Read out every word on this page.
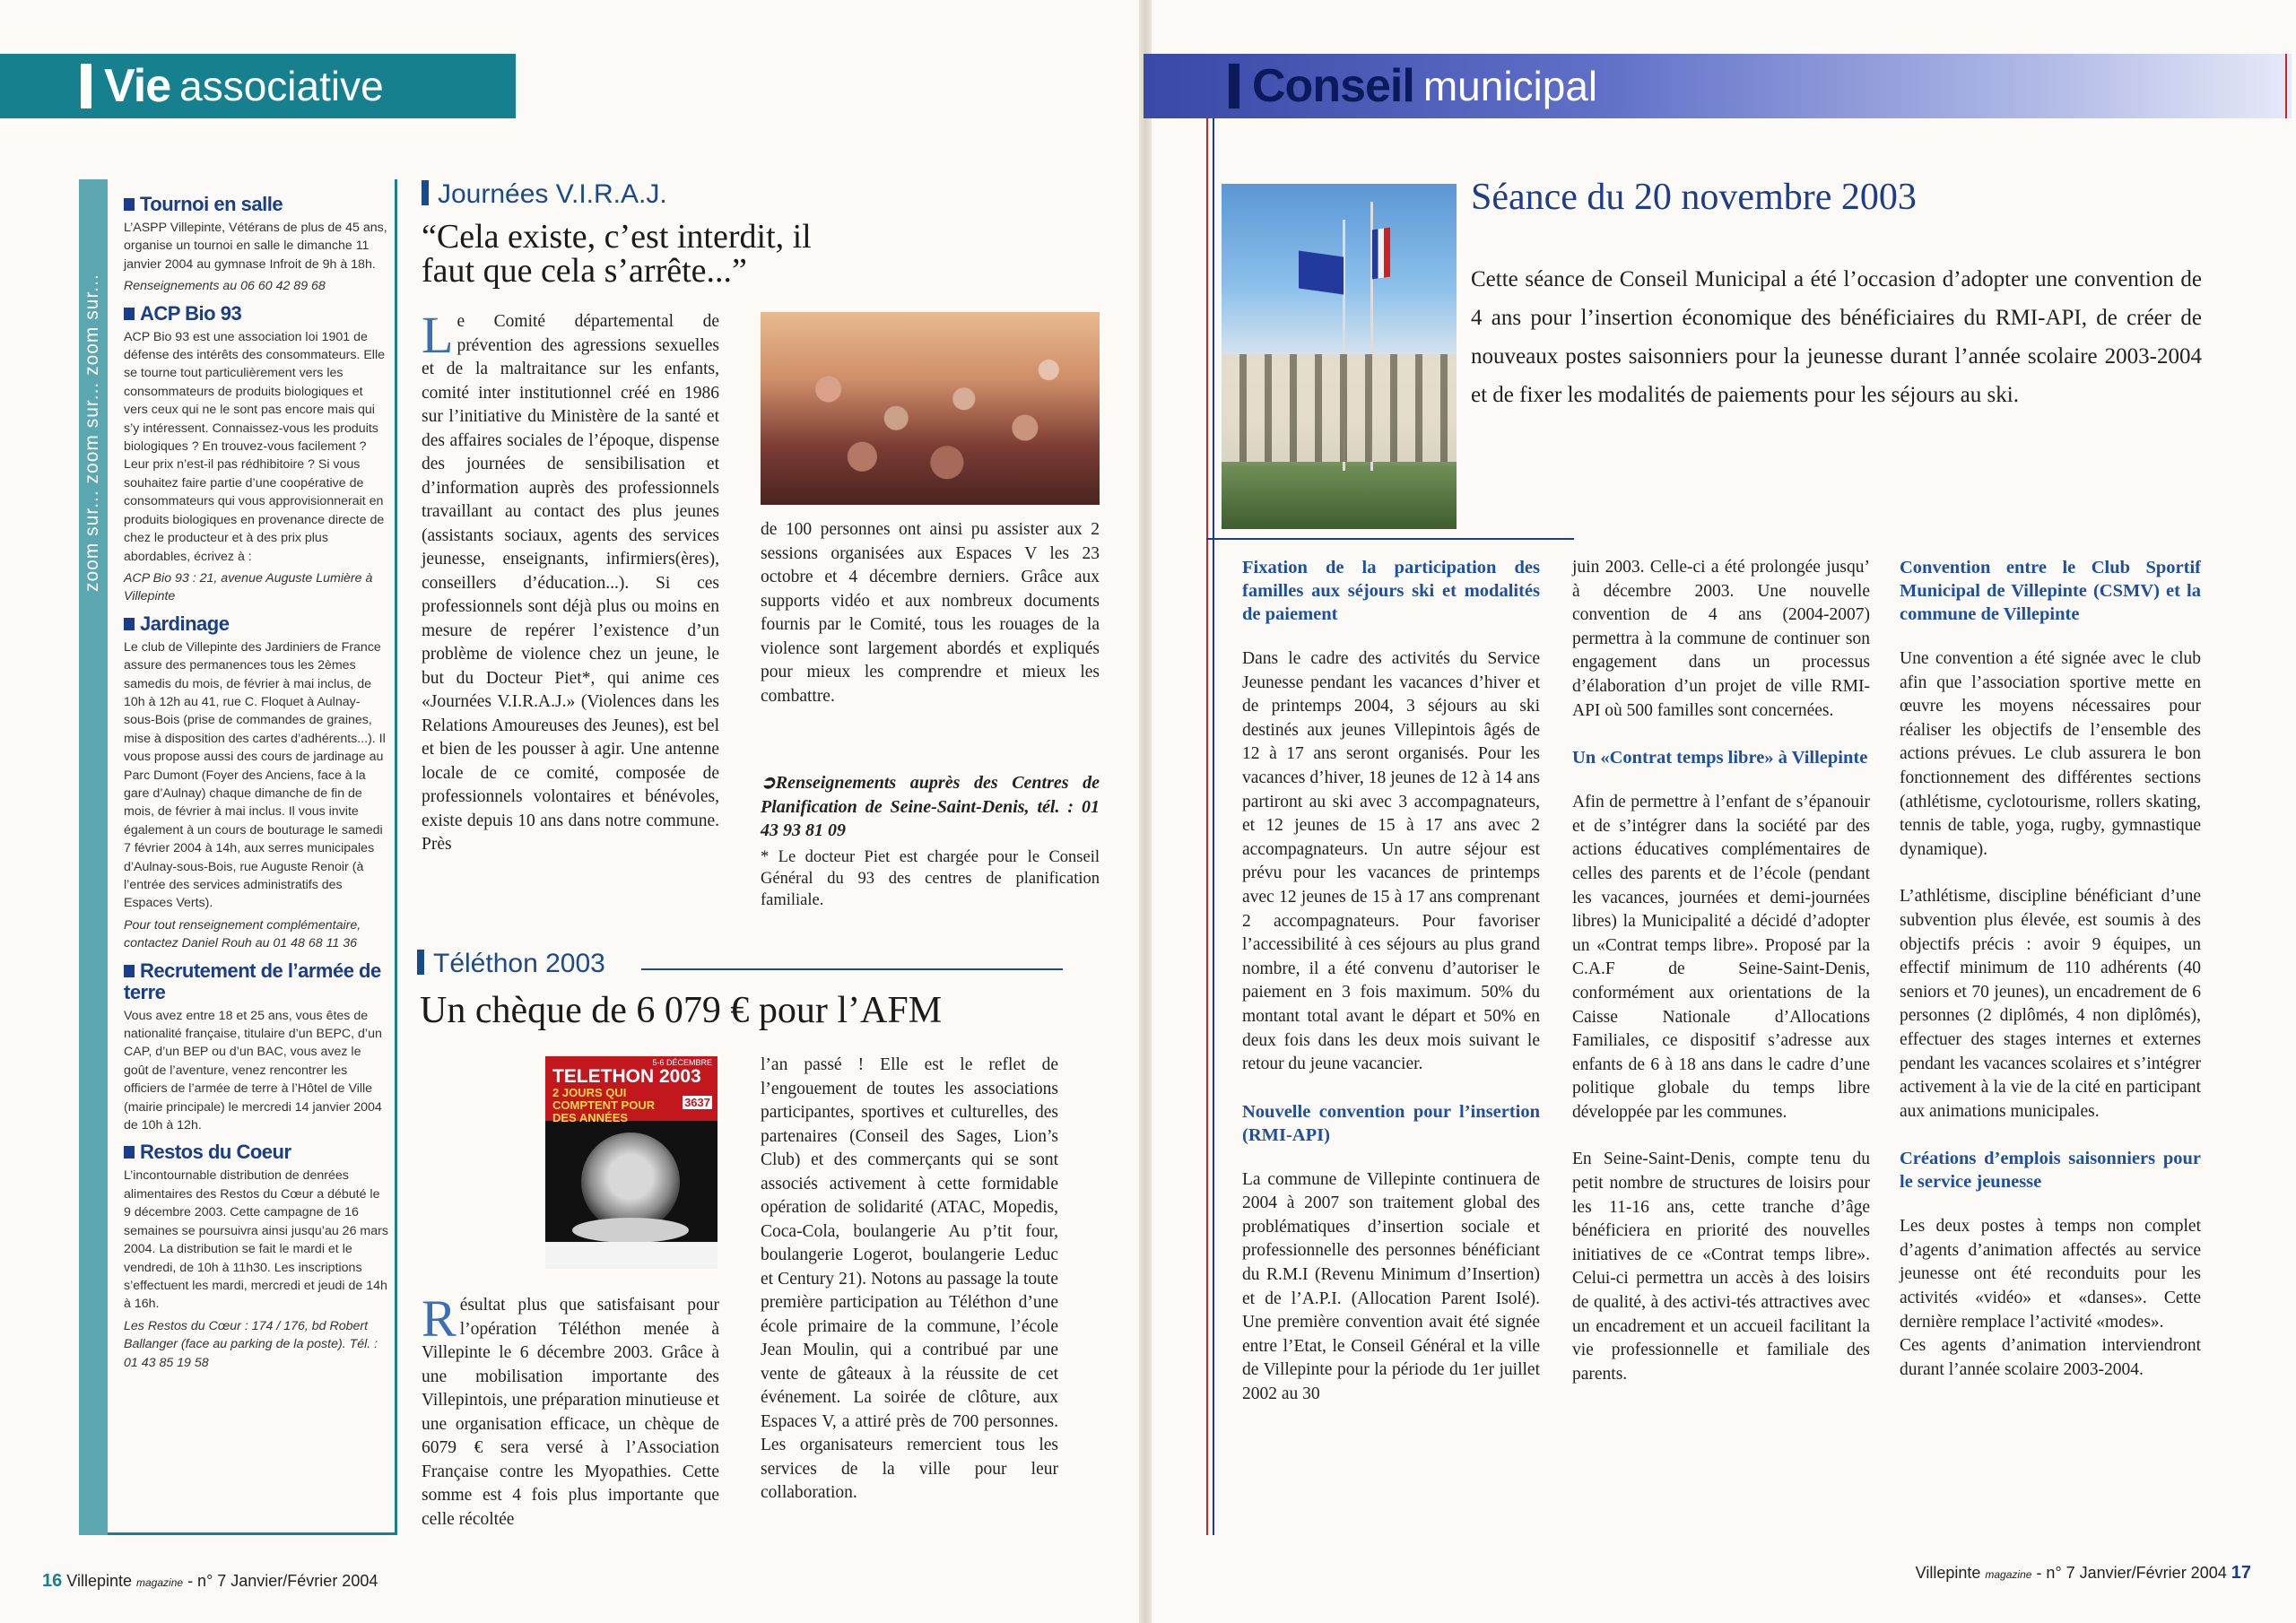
Vie associative	Conseil municipal
zoom sur... zoom sur... zoom sur...
Tournoi en salle

L’ASPP Villepinte, Vétérans de plus de 45 ans, organise un tournoi en salle le dimanche 11 janvier 2004 au gymnase Infroit de 9h à 18h.

Renseignements au 06 60 42 89 68

ACP Bio 93

ACP Bio 93 est une association loi 1901 de défense des intérêts des consommateurs. Elle se tourne tout particulièrement vers les consommateurs de produits biologiques et vers ceux qui ne le sont pas encore mais qui s’y intéressent. Connaissez-vous les produits biologiques ? En trouvez-vous facilement ? Leur prix n’est-il pas rédhibitoire ? Si vous souhaitez faire partie d’une coopérative de consommateurs qui vous approvisionnerait en produits biologiques en provenance directe de chez le producteur et à des prix plus abordables, écrivez à :

ACP Bio 93 : 21, avenue Auguste Lumière à Villepinte

Jardinage

Le club de Villepinte des Jardiniers de France assure des permanences tous les 2èmes samedis du mois, de février à mai inclus, de 10h à 12h au 41, rue C. Floquet à Aulnay-sous-Bois (prise de commandes de graines, mise à disposition des cartes d’adhérents...). Il vous propose aussi des cours de jardinage au Parc Dumont (Foyer des Anciens, face à la gare d’Aulnay) chaque dimanche de fin de mois, de février à mai inclus. Il vous invite également à un cours de bouturage le samedi 7 février 2004 à 14h, aux serres municipales d’Aulnay-sous-Bois, rue Auguste Renoir (à l’entrée des services administratifs des Espaces Verts).

Pour tout renseignement complémentaire, contactez Daniel Rouh au 01 48 68 11 36

Recrutement de l’armée de terre

Vous avez entre 18 et 25 ans, vous êtes de nationalité française, titulaire d’un BEPC, d’un CAP, d’un BEP ou d’un BAC, vous avez le goût de l’aventure, venez rencontrer les officiers de l’armée de terre à l’Hôtel de Ville (mairie principale) le mercredi 14 janvier 2004 de 10h à 12h.

Restos du Coeur

L’incontournable distribution de denrées alimentaires des Restos du Cœur a débuté le 9 décembre 2003. Cette campagne de 16 semaines se poursuivra ainsi jusqu’au 26 mars 2004. La distribution se fait le mardi et le vendredi, de 10h à 11h30. Les inscriptions s’effectuent les mardi, mercredi et jeudi de 14h à 16h.

Les Restos du Cœur : 174 / 176, bd Robert Ballanger (face au parking de la poste). Tél. : 01 43 85 19 58

Journées V.I.R.A.J.
“Cela existe, c’est interdit, il faut que cela s’arrête...”
Le Comité départemental de prévention des agressions sexuelles et de la maltraitance sur les enfants, comité inter institutionnel créé en 1986 sur l’initiative du Ministère de la santé et des affaires sociales de l’époque, dispense des journées de sensibilisation et d’information auprès des professionnels travaillant au contact des plus jeunes (assistants sociaux, agents des services jeunesse, enseignants, infirmiers(ères), conseillers d’éducation...). Si ces professionnels sont déjà plus ou moins en mesure de repérer l’existence d’un problème de violence chez un jeune, le but du Docteur Piet*, qui anime ces «Journées V.I.R.A.J.» (Violences dans les Relations Amoureuses des Jeunes), est bel et bien de les pousser à agir. Une antenne locale de ce comité, composée de professionnels volontaires et bénévoles, existe depuis 10 ans dans notre commune. Près
de 100 personnes ont ainsi pu assister aux 2 sessions organisées aux Espaces V les 23 octobre et 4 décembre derniers. Grâce aux supports vidéo et aux nombreux documents fournis par le Comité, tous les rouages de la violence sont largement abordés et expliqués pour mieux les comprendre et mieux les combattre.
➲Renseignements auprès des Centres de Planification de Seine-Saint-Denis, tél. : 01 43 93 81 09
* Le docteur Piet est chargée pour le Conseil Général du 93 des centres de planification familiale.
Téléthon 2003
Un chèque de 6 079 € pour l’AFM
5-6 DÉCEMBRE
TELETHON 2003
2 JOURS QUI COMPTENT POUR DES ANNÉES
3637
Résultat plus que satisfaisant pour l’opération Téléthon menée à Villepinte le 6 décembre 2003. Grâce à une mobilisation importante des Villepintois, une préparation minutieuse et une organisation efficace, un chèque de 6079 € sera versé à l’Association Française contre les Myopathies. Cette somme est 4 fois plus importante que celle récoltée
l’an passé ! Elle est le reflet de l’engouement de toutes les associations participantes, sportives et culturelles, des partenaires (Conseil des Sages, Lion’s Club) et des commerçants qui se sont associés activement à cette formidable opération de solidarité (ATAC, Mopedis, Coca-Cola, boulangerie Au p’tit four, boulangerie Logerot, boulangerie Leduc et Century 21). Notons au passage la toute première participation au Téléthon d’une école primaire de la commune, l’école Jean Moulin, qui a contribué par une vente de gâteaux à la réussite de cet événement. La soirée de clôture, aux Espaces V, a attiré près de 700 personnes. Les organisateurs remercient tous les services de la ville pour leur collaboration.
Séance du 20 novembre 2003
Cette séance de Conseil Municipal a été l’occasion d’adopter une convention de 4 ans pour l’insertion économique des bénéficiaires du RMI-API, de créer de nouveaux postes saisonniers pour la jeunesse durant l’année scolaire 2003-2004 et de fixer les modalités de paiements pour les séjours au ski.
Fixation de la participation des familles aux séjours ski et modalités de paiement

Dans le cadre des activités du Service Jeunesse pendant les vacances d’hiver et de printemps 2004, 3 séjours au ski destinés aux jeunes Villepintois âgés de 12 à 17 ans seront organisés. Pour les vacances d’hiver, 18 jeunes de 12 à 14 ans partiront au ski avec 3 accompagnateurs, et 12 jeunes de 15 à 17 ans avec 2 accompagnateurs. Un autre séjour est prévu pour les vacances de printemps avec 12 jeunes de 15 à 17 ans comprenant 2 accompagnateurs. Pour favoriser l’accessibilité à ces séjours au plus grand nombre, il a été convenu d’autoriser le paiement en 3 fois maximum. 50% du montant total avant le départ et 50% en deux fois dans les deux mois suivant le retour du jeune vacancier.

Nouvelle convention pour l’insertion (RMI-API)

La commune de Villepinte continuera de 2004 à 2007 son traitement global des problématiques d’insertion sociale et professionnelle des personnes bénéficiant du R.M.I (Revenu Minimum d’Insertion) et de l’A.P.I. (Allocation Parent Isolé). Une première convention avait été signée entre l’Etat, le Conseil Général et la ville de Villepinte pour la période du 1er juillet 2002 au 30

juin 2003. Celle-ci a été prolongée jusqu’ à décembre 2003. Une nouvelle convention de 4 ans (2004-2007) permettra à la commune de continuer son engagement dans un processus d’élaboration d’un projet de ville RMI-API où 500 familles sont concernées.

Un «Contrat temps libre» à Villepinte

Afin de permettre à l’enfant de s’épanouir et de s’intégrer dans la société par des actions éducatives complémentaires de celles des parents et de l’école (pendant les vacances, journées et demi-journées libres) la Municipalité a décidé d’adopter un «Contrat temps libre». Proposé par la C.A.F de Seine-Saint-Denis, conformément aux orientations de la Caisse Nationale d’Allocations Familiales, ce dispositif s’adresse aux enfants de 6 à 18 ans dans le cadre d’une politique globale du temps libre développée par les communes.

En Seine-Saint-Denis, compte tenu du petit nombre de structures de loisirs pour les 11-16 ans, cette tranche d’âge bénéficiera en priorité des nouvelles initiatives de ce «Contrat temps libre». Celui-ci permettra un accès à des loisirs de qualité, à des activi-tés attractives avec un encadrement et un accueil facilitant la vie professionnelle et familiale des parents.

Convention entre le Club Sportif Municipal de Villepinte (CSMV) et la commune de Villepinte

Une convention a été signée avec le club afin que l’association sportive mette en œuvre les moyens nécessaires pour réaliser les objectifs de l’ensemble des actions prévues. Le club assurera le bon fonctionnement des différentes sections (athlétisme, cyclotourisme, rollers skating, tennis de table, yoga, rugby, gymnastique dynamique).

L’athlétisme, discipline bénéficiant d’une subvention plus élevée, est soumis à des objectifs précis : avoir 9 équipes, un effectif minimum de 110 adhérents (40 seniors et 70 jeunes), un encadrement de 6 personnes (2 diplômés, 4 non diplômés), effectuer des stages internes et externes pendant les vacances scolaires et s’intégrer activement à la vie de la cité en participant aux animations municipales.

Créations d’emplois saisonniers pour le service jeunesse

Les deux postes à temps non complet d’agents d’animation affectés au service jeunesse ont été reconduits pour les activités «vidéo» et «danses». Cette dernière remplace l’activité «modes».

Ces agents d’animation interviendront durant l’année scolaire 2003-2004.

16 Villepinte magazine - n° 7 Janvier/Février 2004	Villepinte magazine - n° 7 Janvier/Février 2004 17
